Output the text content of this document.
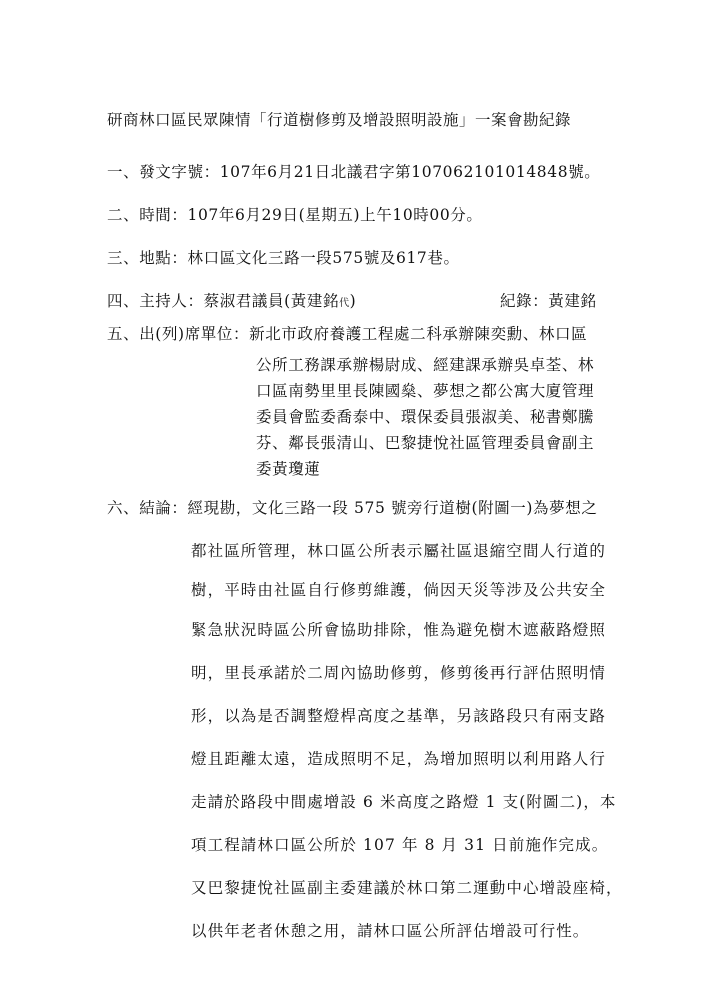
研商林口區民眾陳情「行道樹修剪及增設照明設施」一案會勘紀錄
一、發文字號：107年6月21日北議君字第107062101014848號。
二、時間：107年6月29日(星期五)上午10時00分。
三、地點：林口區文化三路一段575號及617巷。
四、主持人：蔡淑君議員(黃建銘代)	紀錄：黃建銘
五、出(列)席單位：新北市政府養護工程處二科承辦陳奕勳、林口區
公所工務課承辦楊尉成、經建課承辦吳卓荃、林
口區南勢里里長陳國燊、夢想之都公寓大廈管理
委員會監委喬泰中、環保委員張淑美、秘書鄭騰
芬、鄰長張清山、巴黎捷悅社區管理委員會副主
委黃瓊蓮
六、結論：經現勘，文化三路一段 575 號旁行道樹(附圖一)為夢想之
都社區所管理，林口區公所表示屬社區退縮空間人行道的
樹，平時由社區自行修剪維護，倘因天災等涉及公共安全
緊急狀況時區公所會協助排除，惟為避免樹木遮蔽路燈照
明，里長承諾於二周內協助修剪，修剪後再行評估照明情
形，以為是否調整燈桿高度之基準，另該路段只有兩支路
燈且距離太遠，造成照明不足，為增加照明以利用路人行
走請於路段中間處增設 6 米高度之路燈 1 支(附圖二)，本
項工程請林口區公所於 107 年 8 月 31 日前施作完成。
又巴黎捷悅社區副主委建議於林口第二運動中心增設座椅，
以供年老者休憩之用，請林口區公所評估增設可行性。
